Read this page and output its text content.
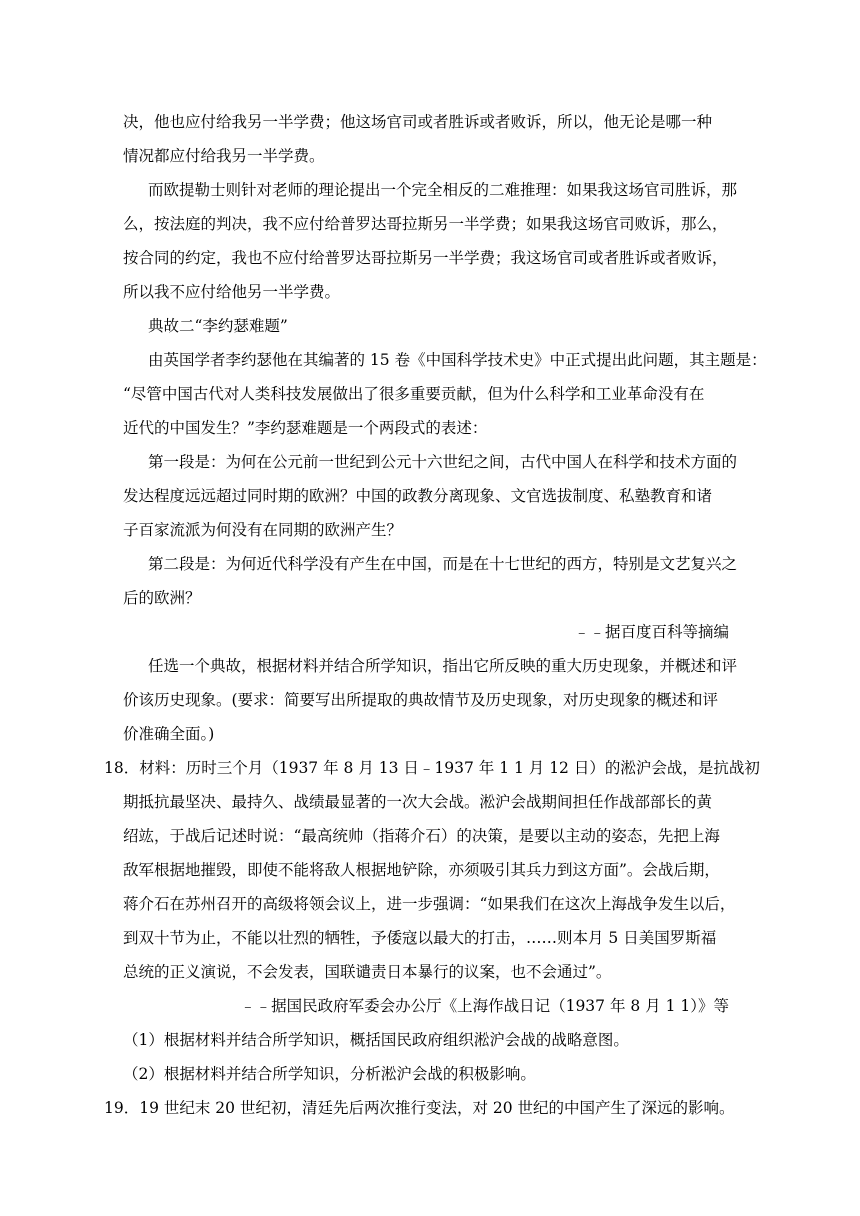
决，他也应付给我另一半学费；他这场官司或者胜诉或者败诉，所以，他无论是哪一种
情况都应付给我另一半学费。
而欧提勒士则针对老师的理论提出一个完全相反的二难推理：如果我这场官司胜诉，那
么，按法庭的判决，我不应付给普罗达哥拉斯另一半学费；如果我这场官司败诉，那么，
按合同的约定，我也不应付给普罗达哥拉斯另一半学费；我这场官司或者胜诉或者败诉，
所以我不应付给他另一半学费。
典故二“李约瑟难题”
由英国学者李约瑟他在其编著的 15 卷《中国科学技术史》中正式提出此问题，其主题是：
“尽管中国古代对人类科技发展做出了很多重要贡献，但为什么科学和工业革命没有在
近代的中国发生？”李约瑟难题是一个两段式的表述：
第一段是：为何在公元前一世纪到公元十六世纪之间，古代中国人在科学和技术方面的
发达程度远远超过同时期的欧洲？中国的政教分离现象、文官选拔制度、私塾教育和诸
子百家流派为何没有在同期的欧洲产生？
第二段是：为何近代科学没有产生在中国，而是在十七世纪的西方，特别是文艺复兴之
后的欧洲？
﹣﹣据百度百科等摘编
任选一个典故，根据材料并结合所学知识，指出它所反映的重大历史现象，并概述和评
价该历史现象。(要求：简要写出所提取的典故情节及历史现象，对历史现象的概述和评
价准确全面。)
18．材料：历时三个月（1937 年 8 月 13 日﹣1937 年 1 1 月 12 日）的淞沪会战，是抗战初
期抵抗最坚决、最持久、战绩最显著的一次大会战。淞沪会战期间担任作战部部长的黄
绍竑，于战后记述时说：“最高统帅（指蒋介石）的决策，是要以主动的姿态，先把上海
敌军根据地摧毁，即使不能将敌人根据地铲除，亦须吸引其兵力到这方面”。会战后期，
蒋介石在苏州召开的高级将领会议上，进一步强调：“如果我们在这次上海战争发生以后，
到双十节为止，不能以壮烈的牺牲，予倭寇以最大的打击，……则本月 5 日美国罗斯福
总统的正义演说，不会发表，国联谴责日本暴行的议案，也不会通过”。
﹣﹣据国民政府军委会办公厅《上海作战日记（1937 年 8 月 1 1）》等
（1）根据材料并结合所学知识，概括国民政府组织淞沪会战的战略意图。
（2）根据材料并结合所学知识，分析淞沪会战的积极影响。
19．19 世纪末 20 世纪初，清廷先后两次推行变法，对 20 世纪的中国产生了深远的影响。
